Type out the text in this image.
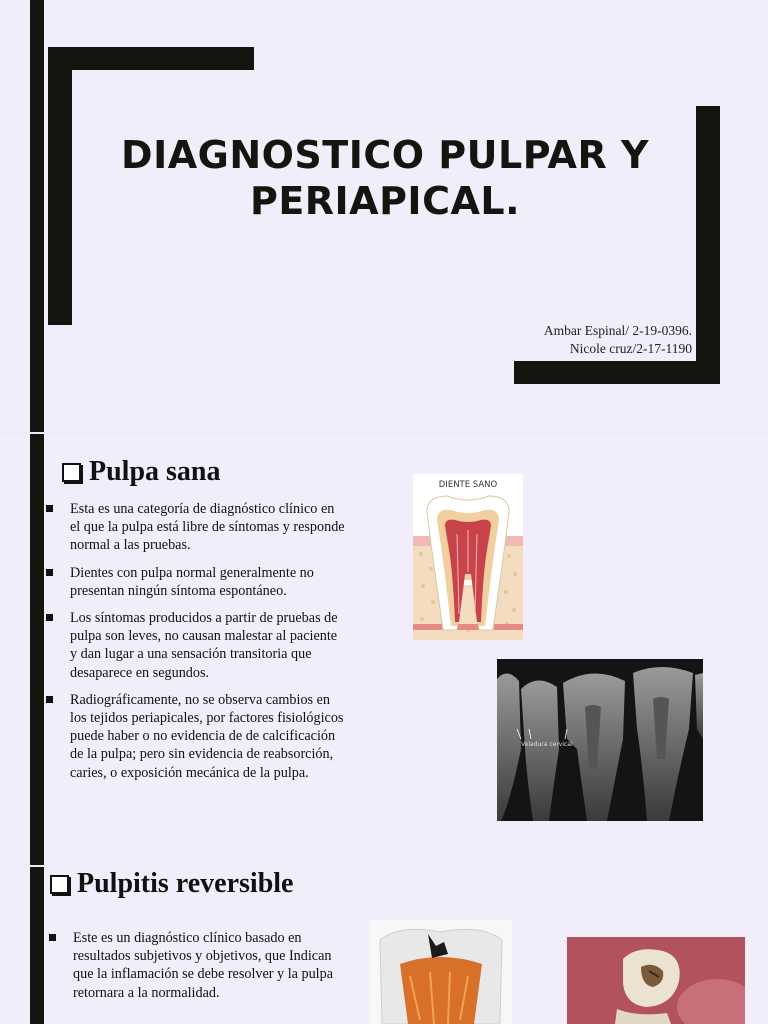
DIAGNOSTICO PULPAR Y PERIAPICAL.
Ambar Espinal/ 2-19-0396.
Nicole cruz/2-17-1190
Pulpa sana
Esta es una categoría de diagnóstico clínico en el que la pulpa está libre de síntomas y responde normal a las pruebas.
Dientes con pulpa normal generalmente no presentan ningún síntoma espontáneo.
Los síntomas producidos a partir de pruebas de pulpa son leves, no causan malestar al paciente y dan lugar a una sensación transitoria que desaparece en segundos.
Radiográficamente, no se observa cambios en los tejidos periapicales, por factores fisiológicos puede haber o no evidencia de de calcificación de la pulpa; pero sin evidencia de reabsorción, caries, o exposición mecánica de la pulpa.
DIENTE SANO
Veladura cervical
Pulpitis reversible
Este es un diagnóstico clínico basado en resultados subjetivos y objetivos, que Indican que la inflamación se debe resolver y la pulpa retornara a la normalidad.
